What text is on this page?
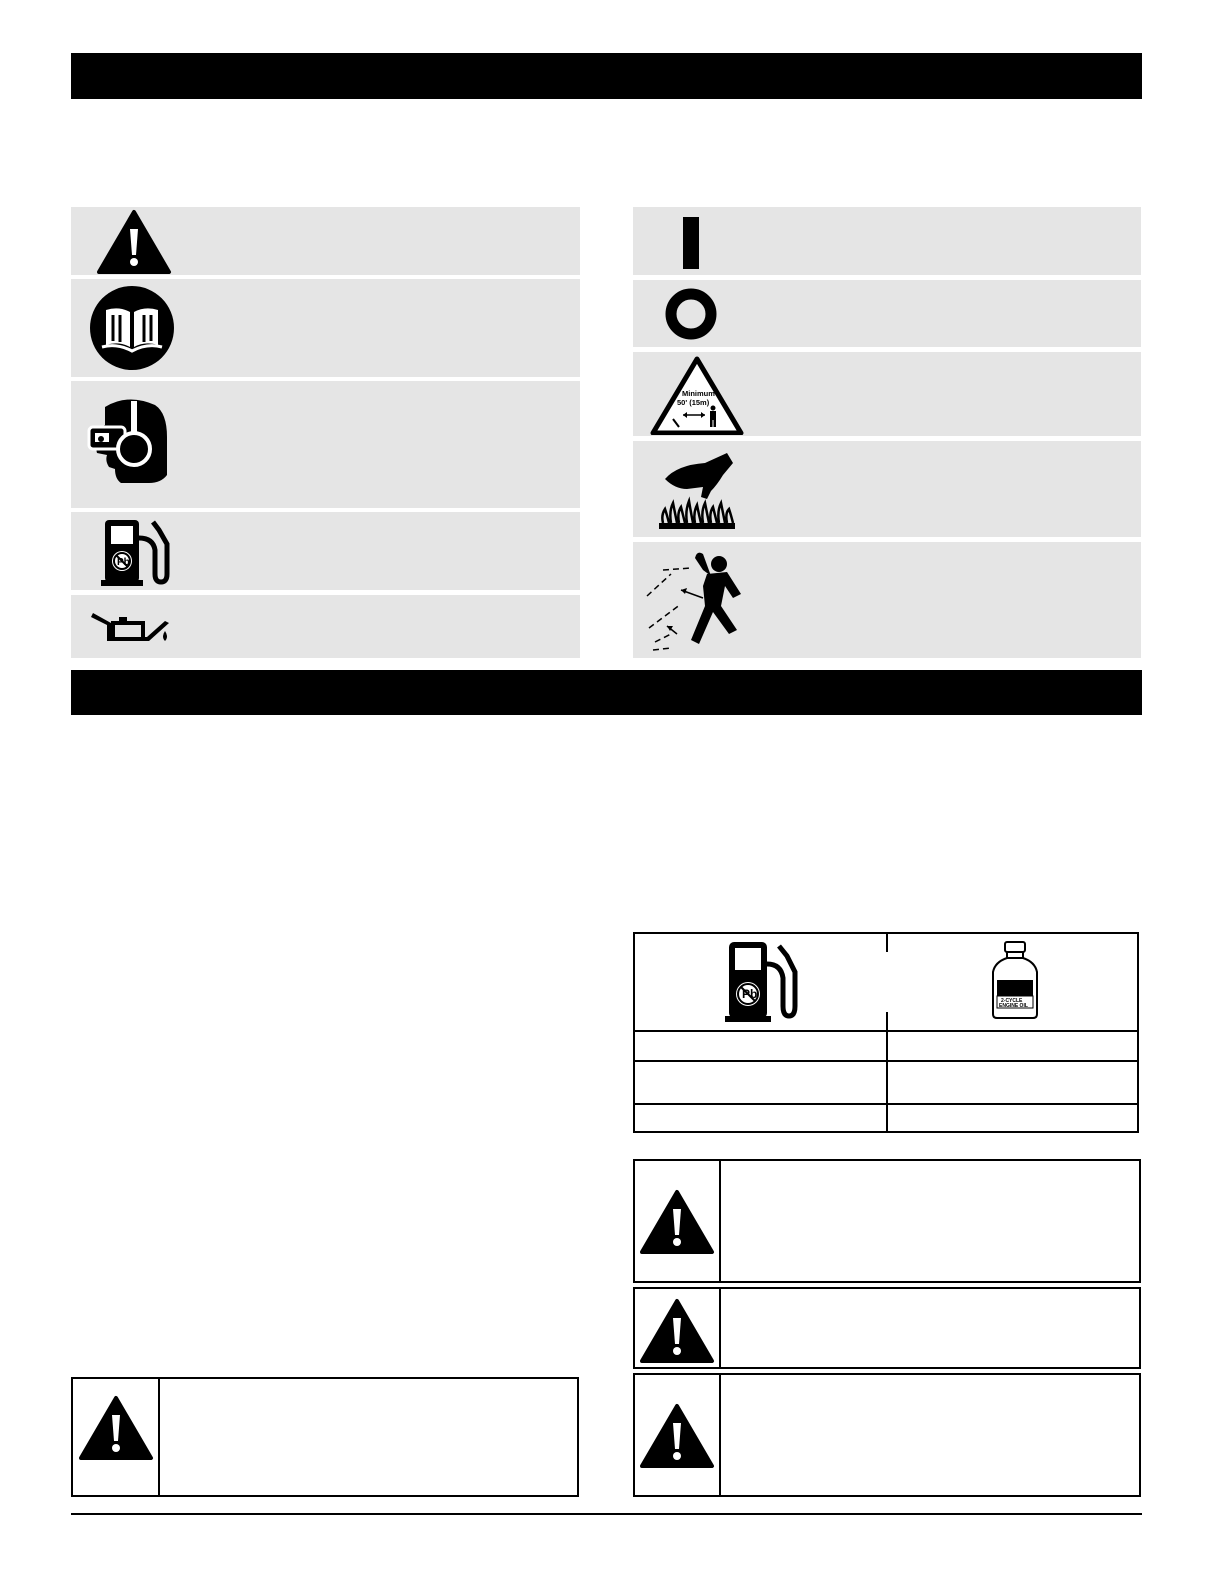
Pb
Minimum
50' (15m)
Pb	2-CYCLE
ENGINE OIL
